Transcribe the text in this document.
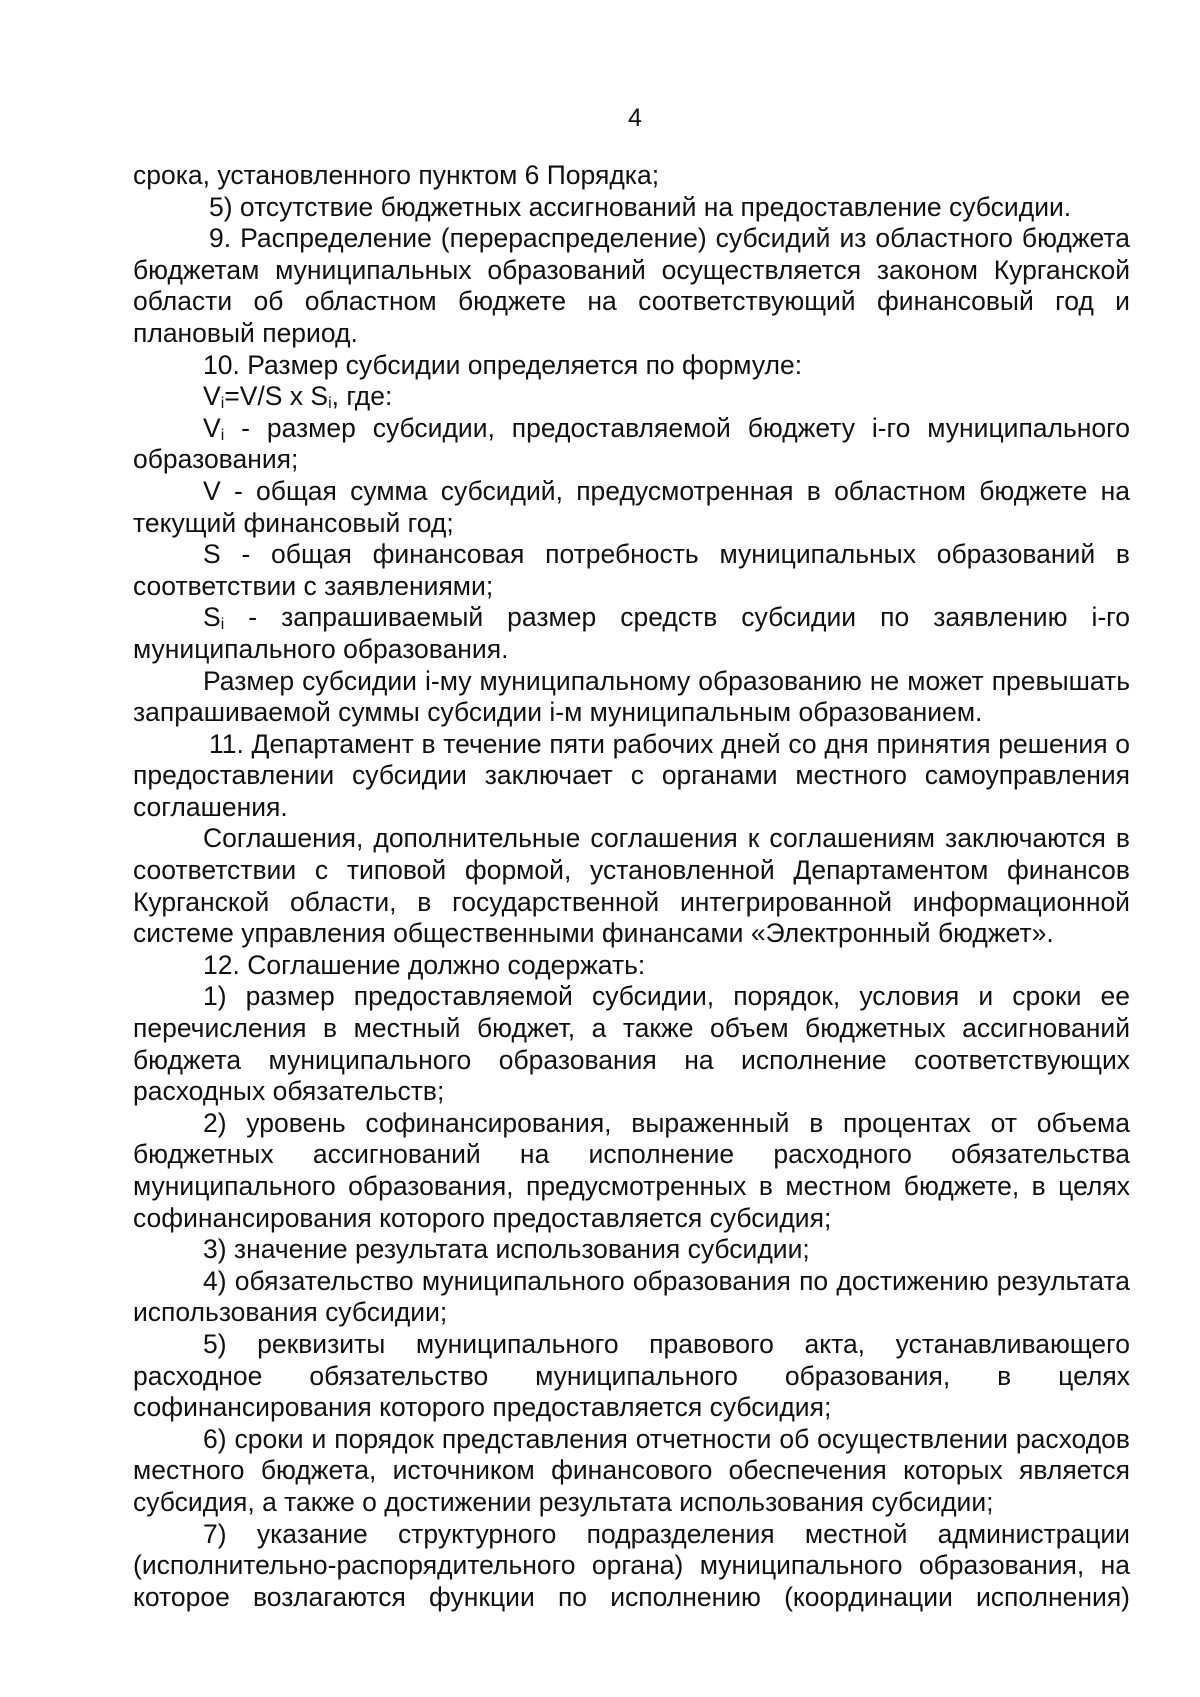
4

срока, установленного пунктом 6 Порядка;

5) отсутствие бюджетных ассигнований на предоставление субсидии.

9. Распределение (перераспределение) субсидий из областного бюджета бюджетам муниципальных образований осуществляется законом Курганской области об областном бюджете на соответствующий финансовый год и плановый период.

10. Размер субсидии определяется по формуле:

$V_i=V/S$ x $S_i$, где:

$V_i$ - размер субсидии, предоставляемой бюджету i-го муниципального образования;

V - общая сумма субсидий, предусмотренная в областном бюджете на текущий финансовый год;

S - общая финансовая потребность муниципальных образований в соответствии с заявлениями;

$S_i$ - запрашиваемый размер средств субсидии по заявлению i-го муниципального образования.

Размер субсидии i-му муниципальному образованию не может превышать запрашиваемой суммы субсидии i-м муниципальным образованием.

11. Департамент в течение пяти рабочих дней со дня принятия решения о предоставлении субсидии заключает с органами местного самоуправления соглашения.

Соглашения, дополнительные соглашения к соглашениям заключаются в соответствии с типовой формой, установленной Департаментом финансов Курганской области, в государственной интегрированной информационной системе управления общественными финансами «Электронный бюджет».

12. Соглашение должно содержать:

1) размер предоставляемой субсидии, порядок, условия и сроки ее перечисления в местный бюджет, а также объем бюджетных ассигнований бюджета муниципального образования на исполнение соответствующих расходных обязательств;

2) уровень софинансирования, выраженный в процентах от объема бюджетных ассигнований на исполнение расходного обязательства муниципального образования, предусмотренных в местном бюджете, в целях софинансирования которого предоставляется субсидия;

3) значение результата использования субсидии;

4) обязательство муниципального образования по достижению результата использования субсидии;

5) реквизиты муниципального правового акта, устанавливающего расходное обязательство муниципального образования, в целях софинансирования которого предоставляется субсидия;

6) сроки и порядок представления отчетности об осуществлении расходов местного бюджета, источником финансового обеспечения которых является субсидия, а также о достижении результата использования субсидии;

7) указание структурного подразделения местной администрации (исполнительно-распорядительного органа) муниципального образования, на которое возлагаются функции по исполнению (координации исполнения)
